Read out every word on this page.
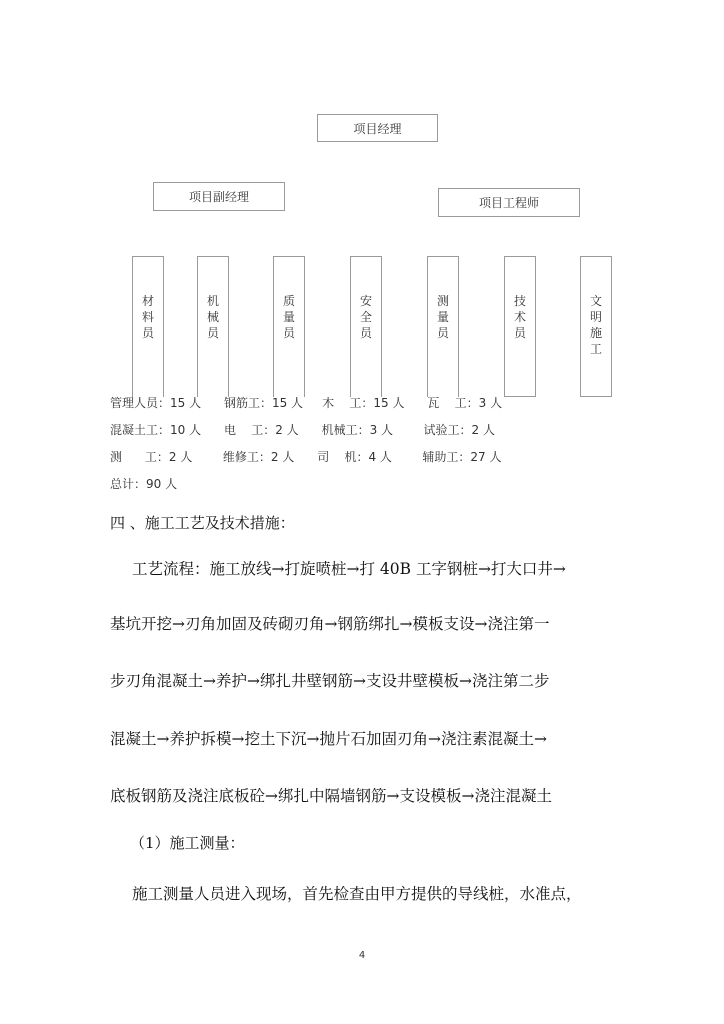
项目经理
项目副经理	项目工程师
材料员
机械员
质量员
安全员
测量员
技术员
文明施工
管理人员：15 人      钢筋工：15 人     木    工：15 人      瓦    工：3 人
混凝土工：10 人      电    工：2 人      机械工：3 人        试验工：2 人
测      工：2 人        维修工：2 人      司    机：4 人        辅助工：27 人
总计：90 人
四 、施工工艺及技术措施：
工艺流程：施工放线→打旋喷桩→打 40B 工字钢桩→打大口井→
基坑开挖→刃角加固及砖砌刃角→钢筋绑扎→模板支设→浇注第一
步刃角混凝土→养护→绑扎井壁钢筋→支设井壁模板→浇注第二步
混凝土→养护拆模→挖土下沉→抛片石加固刃角→浇注素混凝土→
底板钢筋及浇注底板砼→绑扎中隔墙钢筋→支设模板→浇注混凝土
（1）施工测量：
施工测量人员进入现场，首先检查由甲方提供的导线桩，水准点，
4
